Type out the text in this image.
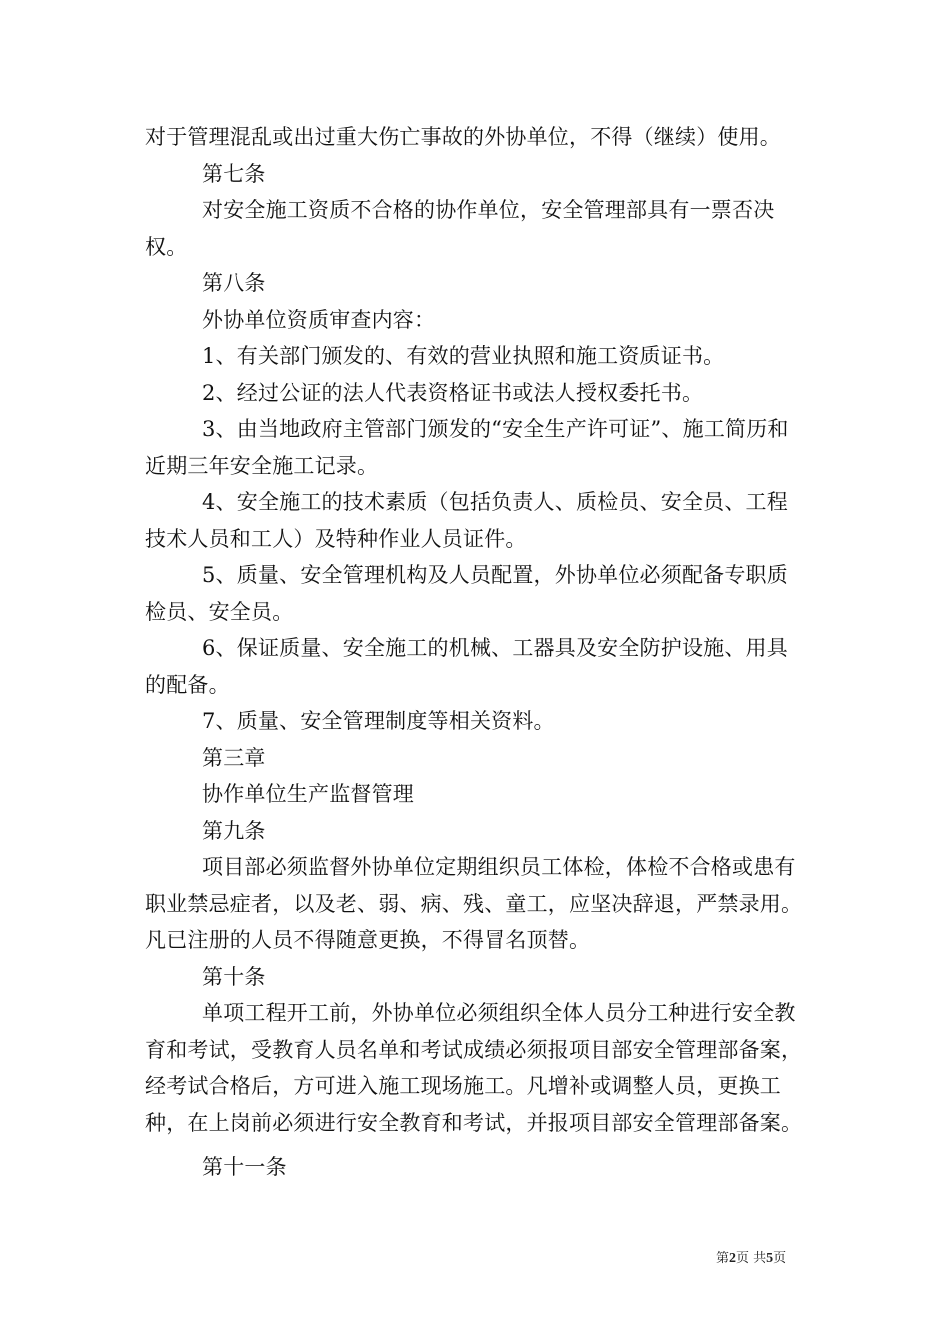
对于管理混乱或出过重大伤亡事故的外协单位，不得（继续）使用。

第七条

对安全施工资质不合格的协作单位，安全管理部具有一票否决权。

第八条

外协单位资质审查内容：

1、有关部门颁发的、有效的营业执照和施工资质证书。

2、经过公证的法人代表资格证书或法人授权委托书。

3、由当地政府主管部门颁发的“安全生产许可证”、施工简历和近期三年安全施工记录。

4、安全施工的技术素质（包括负责人、质检员、安全员、工程技术人员和工人）及特种作业人员证件。

5、质量、安全管理机构及人员配置，外协单位必须配备专职质检员、安全员。

6、保证质量、安全施工的机械、工器具及安全防护设施、用具的配备。

7、质量、安全管理制度等相关资料。

第三章

协作单位生产监督管理

第九条

项目部必须监督外协单位定期组织员工体检，体检不合格或患有职业禁忌症者，以及老、弱、病、残、童工，应坚决辞退，严禁录用。凡已注册的人员不得随意更换，不得冒名顶替。

第十条

单项工程开工前，外协单位必须组织全体人员分工种进行安全教育和考试，受教育人员名单和考试成绩必须报项目部安全管理部备案，经考试合格后，方可进入施工现场施工。凡增补或调整人员，更换工种，在上岗前必须进行安全教育和考试，并报项目部安全管理部备案。

第十一条

第2页 共5页
